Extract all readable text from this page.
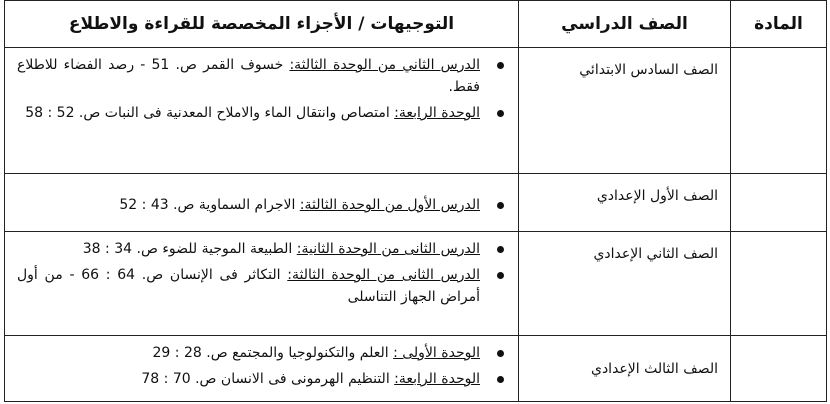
المادة	الصف الدراسي	التوجيهات / الأجزاء المخصصة للقراءة والاطلاع
	الصف السادس الابتدائي	الدرس الثاني من الوحدة الثالثة: خسوف القمر ص. 51 - رصد الفضاء للاطلاع فقط.
الوحدة الرابعة: امتصاص وانتقال الماء والاملاح المعدنية فى النبات ص. 52 : 58

	الصف الأول الإعدادي	الدرس الأول من الوحدة الثالثة: الاجرام السماوية ص. 43 : 52

	الصف الثاني الإعدادي	الدرس الثانى من الوحدة الثانية: الطبيعة الموجية للضوء ص. 34 : 38
الدرس الثانى من الوحدة الثالثة: التكاثر فى الإنسان ص. 64 : 66 - من أول أمراض الجهاز التناسلى

	الصف الثالث الإعدادي	الوحدة الأولى : العلم والتكنولوجيا والمجتمع ص. 28 : 29
الوحدة الرابعة: التنظيم الهرمونى فى الانسان ص. 70 : 78
